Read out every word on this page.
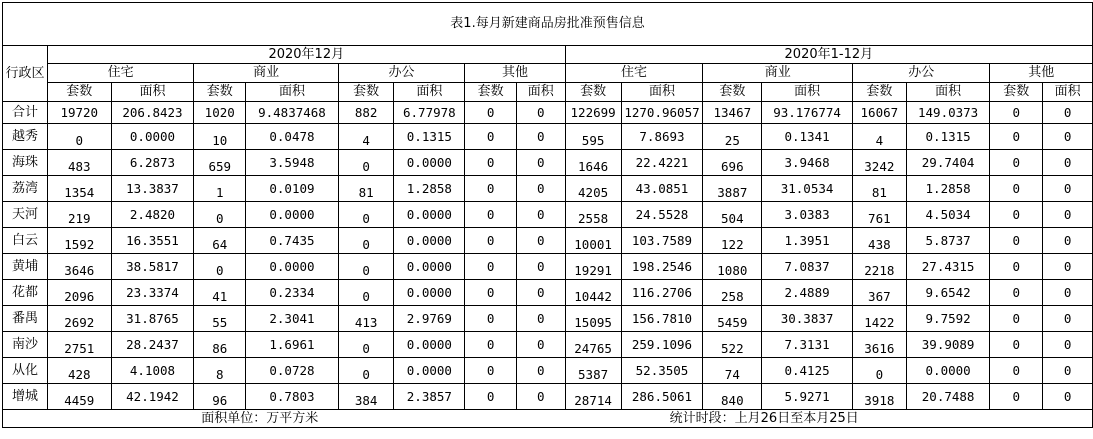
表1.每月新建商品房批准预售信息																
行政区	2020年12月								2020年1-12月							
	住宅		商业		办公		其他		住宅		商业		办公		其他	
	套数	面积	套数	面积	套数	面积	套数	面积	套数	面积	套数	面积	套数	面积	套数	面积
合计	19720	206.8423	1020	9.4837468	882	6.77978	0	0	122699	1270.96057	13467	93.176774	16067	149.0373	0	0
越秀	0	0.0000	10	0.0478	4	0.1315	0	0	595	7.8693	25	0.1341	4	0.1315	0	0
海珠	483	6.2873	659	3.5948	0	0.0000	0	0	1646	22.4221	696	3.9468	3242	29.7404	0	0
荔湾	1354	13.3837	1	0.0109	81	1.2858	0	0	4205	43.0851	3887	31.0534	81	1.2858	0	0
天河	219	2.4820	0	0.0000	0	0.0000	0	0	2558	24.5528	504	3.0383	761	4.5034	0	0
白云	1592	16.3551	64	0.7435	0	0.0000	0	0	10001	103.7589	122	1.3951	438	5.8737	0	0
黄埔	3646	38.5817	0	0.0000	0	0.0000	0	0	19291	198.2546	1080	7.0837	2218	27.4315	0	0
花都	2096	23.3374	41	0.2334	0	0.0000	0	0	10442	116.2706	258	2.4889	367	9.6542	0	0
番禺	2692	31.8765	55	2.3041	413	2.9769	0	0	15095	156.7810	5459	30.3837	1422	9.7592	0	0
南沙	2751	28.2437	86	1.6961	0	0.0000	0	0	24765	259.1096	522	7.3131	3616	39.9089	0	0
从化	428	4.1008	8	0.0728	0	0.0000	0	0	5387	52.3505	74	0.4125	0	0.0000	0	0
增城	4459	42.1942	96	0.7803	384	2.3857	0	0	28714	286.5061	840	5.9271	3918	20.7488	0	0
面积单位：万平方米								统计时段：上月26日至本月25日								
